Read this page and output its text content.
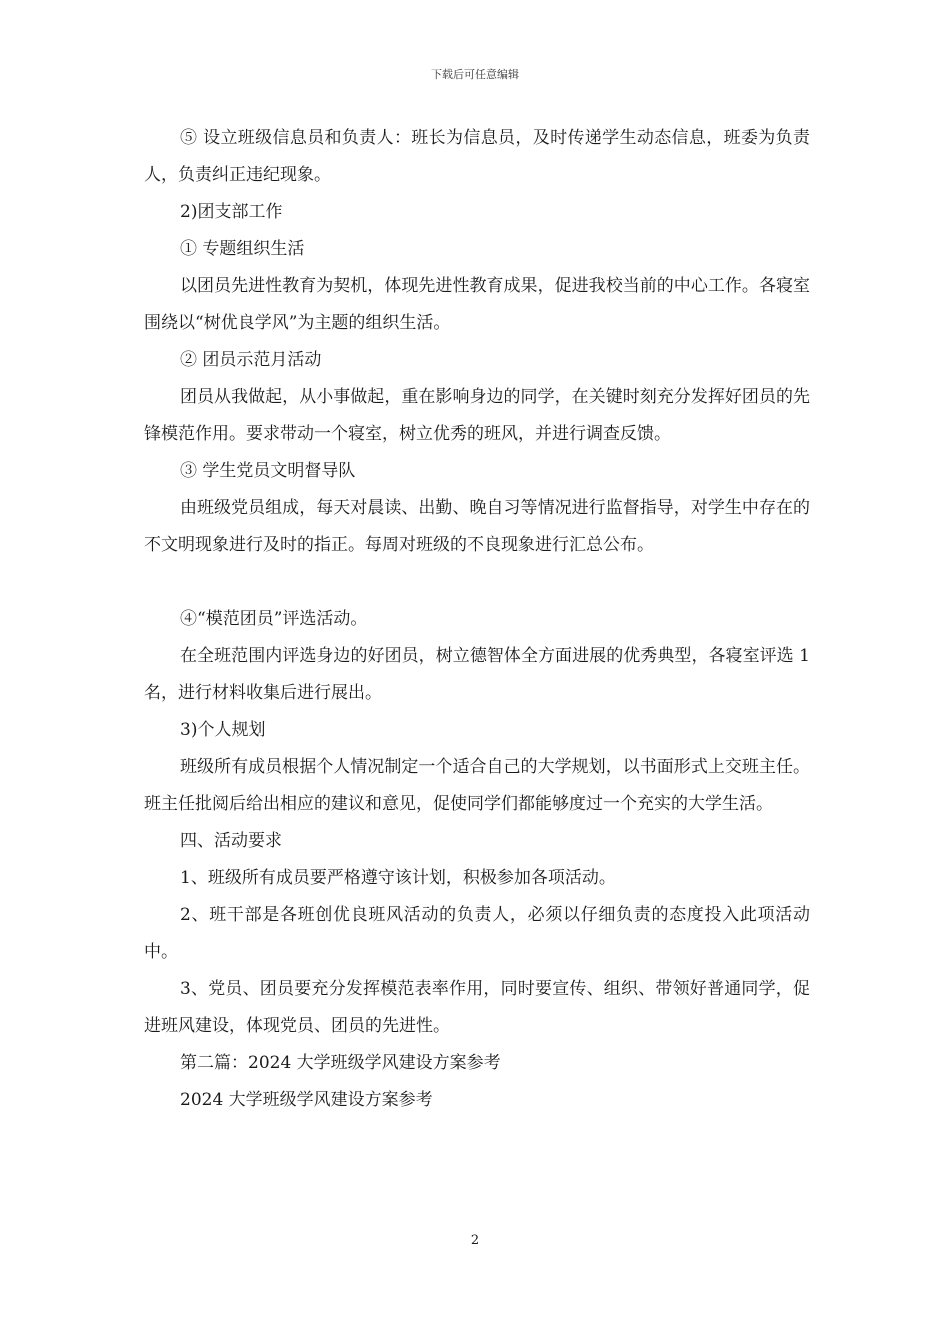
下载后可任意编辑

⑤ 设立班级信息员和负责人：班长为信息员，及时传递学生动态信息，班委为负责人，负责纠正违纪现象。

2)团支部工作

① 专题组织生活

以团员先进性教育为契机，体现先进性教育成果，促进我校当前的中心工作。各寝室围绕以“树优良学风”为主题的组织生活。

② 团员示范月活动

团员从我做起，从小事做起，重在影响身边的同学，在关键时刻充分发挥好团员的先锋模范作用。要求带动一个寝室，树立优秀的班风，并进行调查反馈。

③ 学生党员文明督导队

由班级党员组成，每天对晨读、出勤、晚自习等情况进行监督指导，对学生中存在的不文明现象进行及时的指正。每周对班级的不良现象进行汇总公布。

④“模范团员”评选活动。

在全班范围内评选身边的好团员，树立德智体全方面进展的优秀典型，各寝室评选 1 名，进行材料收集后进行展出。

3)个人规划

班级所有成员根据个人情况制定一个适合自己的大学规划，以书面形式上交班主任。班主任批阅后给出相应的建议和意见，促使同学们都能够度过一个充实的大学生活。

四、活动要求

1、班级所有成员要严格遵守该计划，积极参加各项活动。

2、班干部是各班创优良班风活动的负责人，必须以仔细负责的态度投入此项活动中。

3、党员、团员要充分发挥模范表率作用，同时要宣传、组织、带领好普通同学，促进班风建设，体现党员、团员的先进性。

第二篇：2024 大学班级学风建设方案参考

2024 大学班级学风建设方案参考

2
